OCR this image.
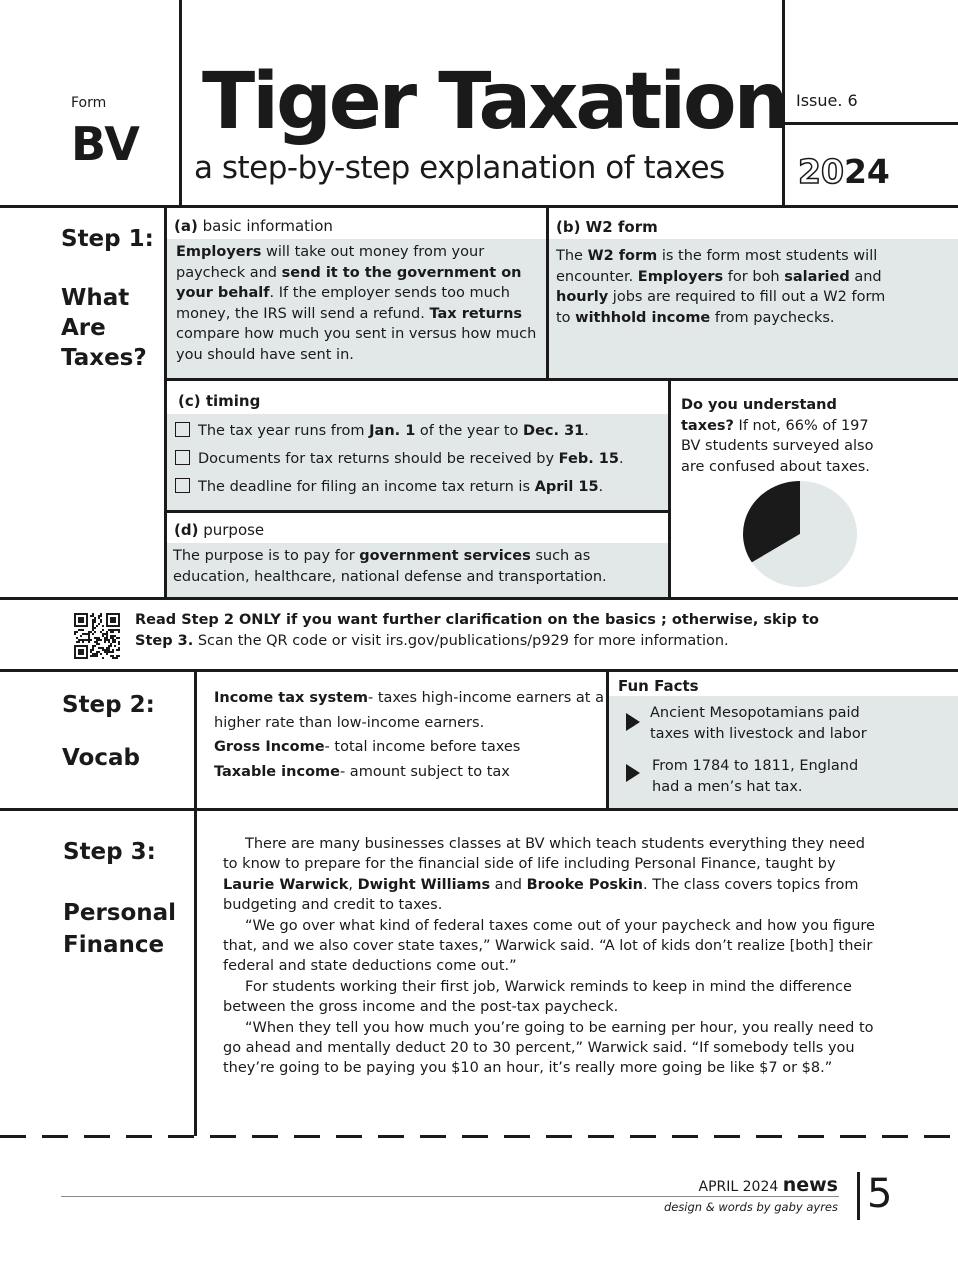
Form
BV Tiger Taxation
a step-by-step explanation of taxes
Issue. 6
2024
Step 1:
What
Are
Taxes?
(a) basic information
Employers will take out money from your paycheck and send it to the government on your behalf. If the employer sends too much money, the IRS will send a refund. Tax returns compare how much you sent in versus how much you should have sent in.
(b) W2 form
The W2 form is the form most students will encounter. Employers for boh salaried and hourly jobs are required to fill out a W2 form to withhold income from paychecks.
(c) timing
The tax year runs from Jan. 1 of the year to Dec. 31.
Documents for tax returns should be received by Feb. 15.
The deadline for filing an income tax return is April 15.
(d) purpose
The purpose is to pay for government services such as education, healthcare, national defense and transportation.
Do you understand taxes? If not, 66% of 197 BV students surveyed also are confused about taxes.
Read Step 2 ONLY if you want further clarification on the basics ; otherwise, skip to Step 3. Scan the QR code or visit irs.gov/publications/p929 for more information.
Step 2:
Vocab
Income tax system- taxes high-income earners at a higher rate than low-income earners.
Gross Income- total income before taxes
Taxable income- amount subject to tax
Fun Facts
Ancient Mesopotamians paid taxes with livestock and labor
From 1784 to 1811, England had a men’s hat tax.
Step 3:
Personal
Finance

There are many businesses classes at BV which teach students everything they need to know to prepare for the financial side of life including Personal Finance, taught by Laurie Warwick, Dwight Williams and Brooke Poskin. The class covers topics from budgeting and credit to taxes.

“We go over what kind of federal taxes come out of your paycheck and how you figure that, and we also cover state taxes,” Warwick said. “A lot of kids don’t realize [both] their federal and state deductions come out.”

For students working their first job, Warwick reminds to keep in mind the difference between the gross income and the post-tax paycheck.

“When they tell you how much you’re going to be earning per hour, you really need to go ahead and mentally deduct 20 to 30 percent,” Warwick said. “If somebody tells you they’re going to be paying you $10 an hour, it’s really more going be like $7 or $8.”

APRIL 2024 news
design & words by gaby ayres 5
